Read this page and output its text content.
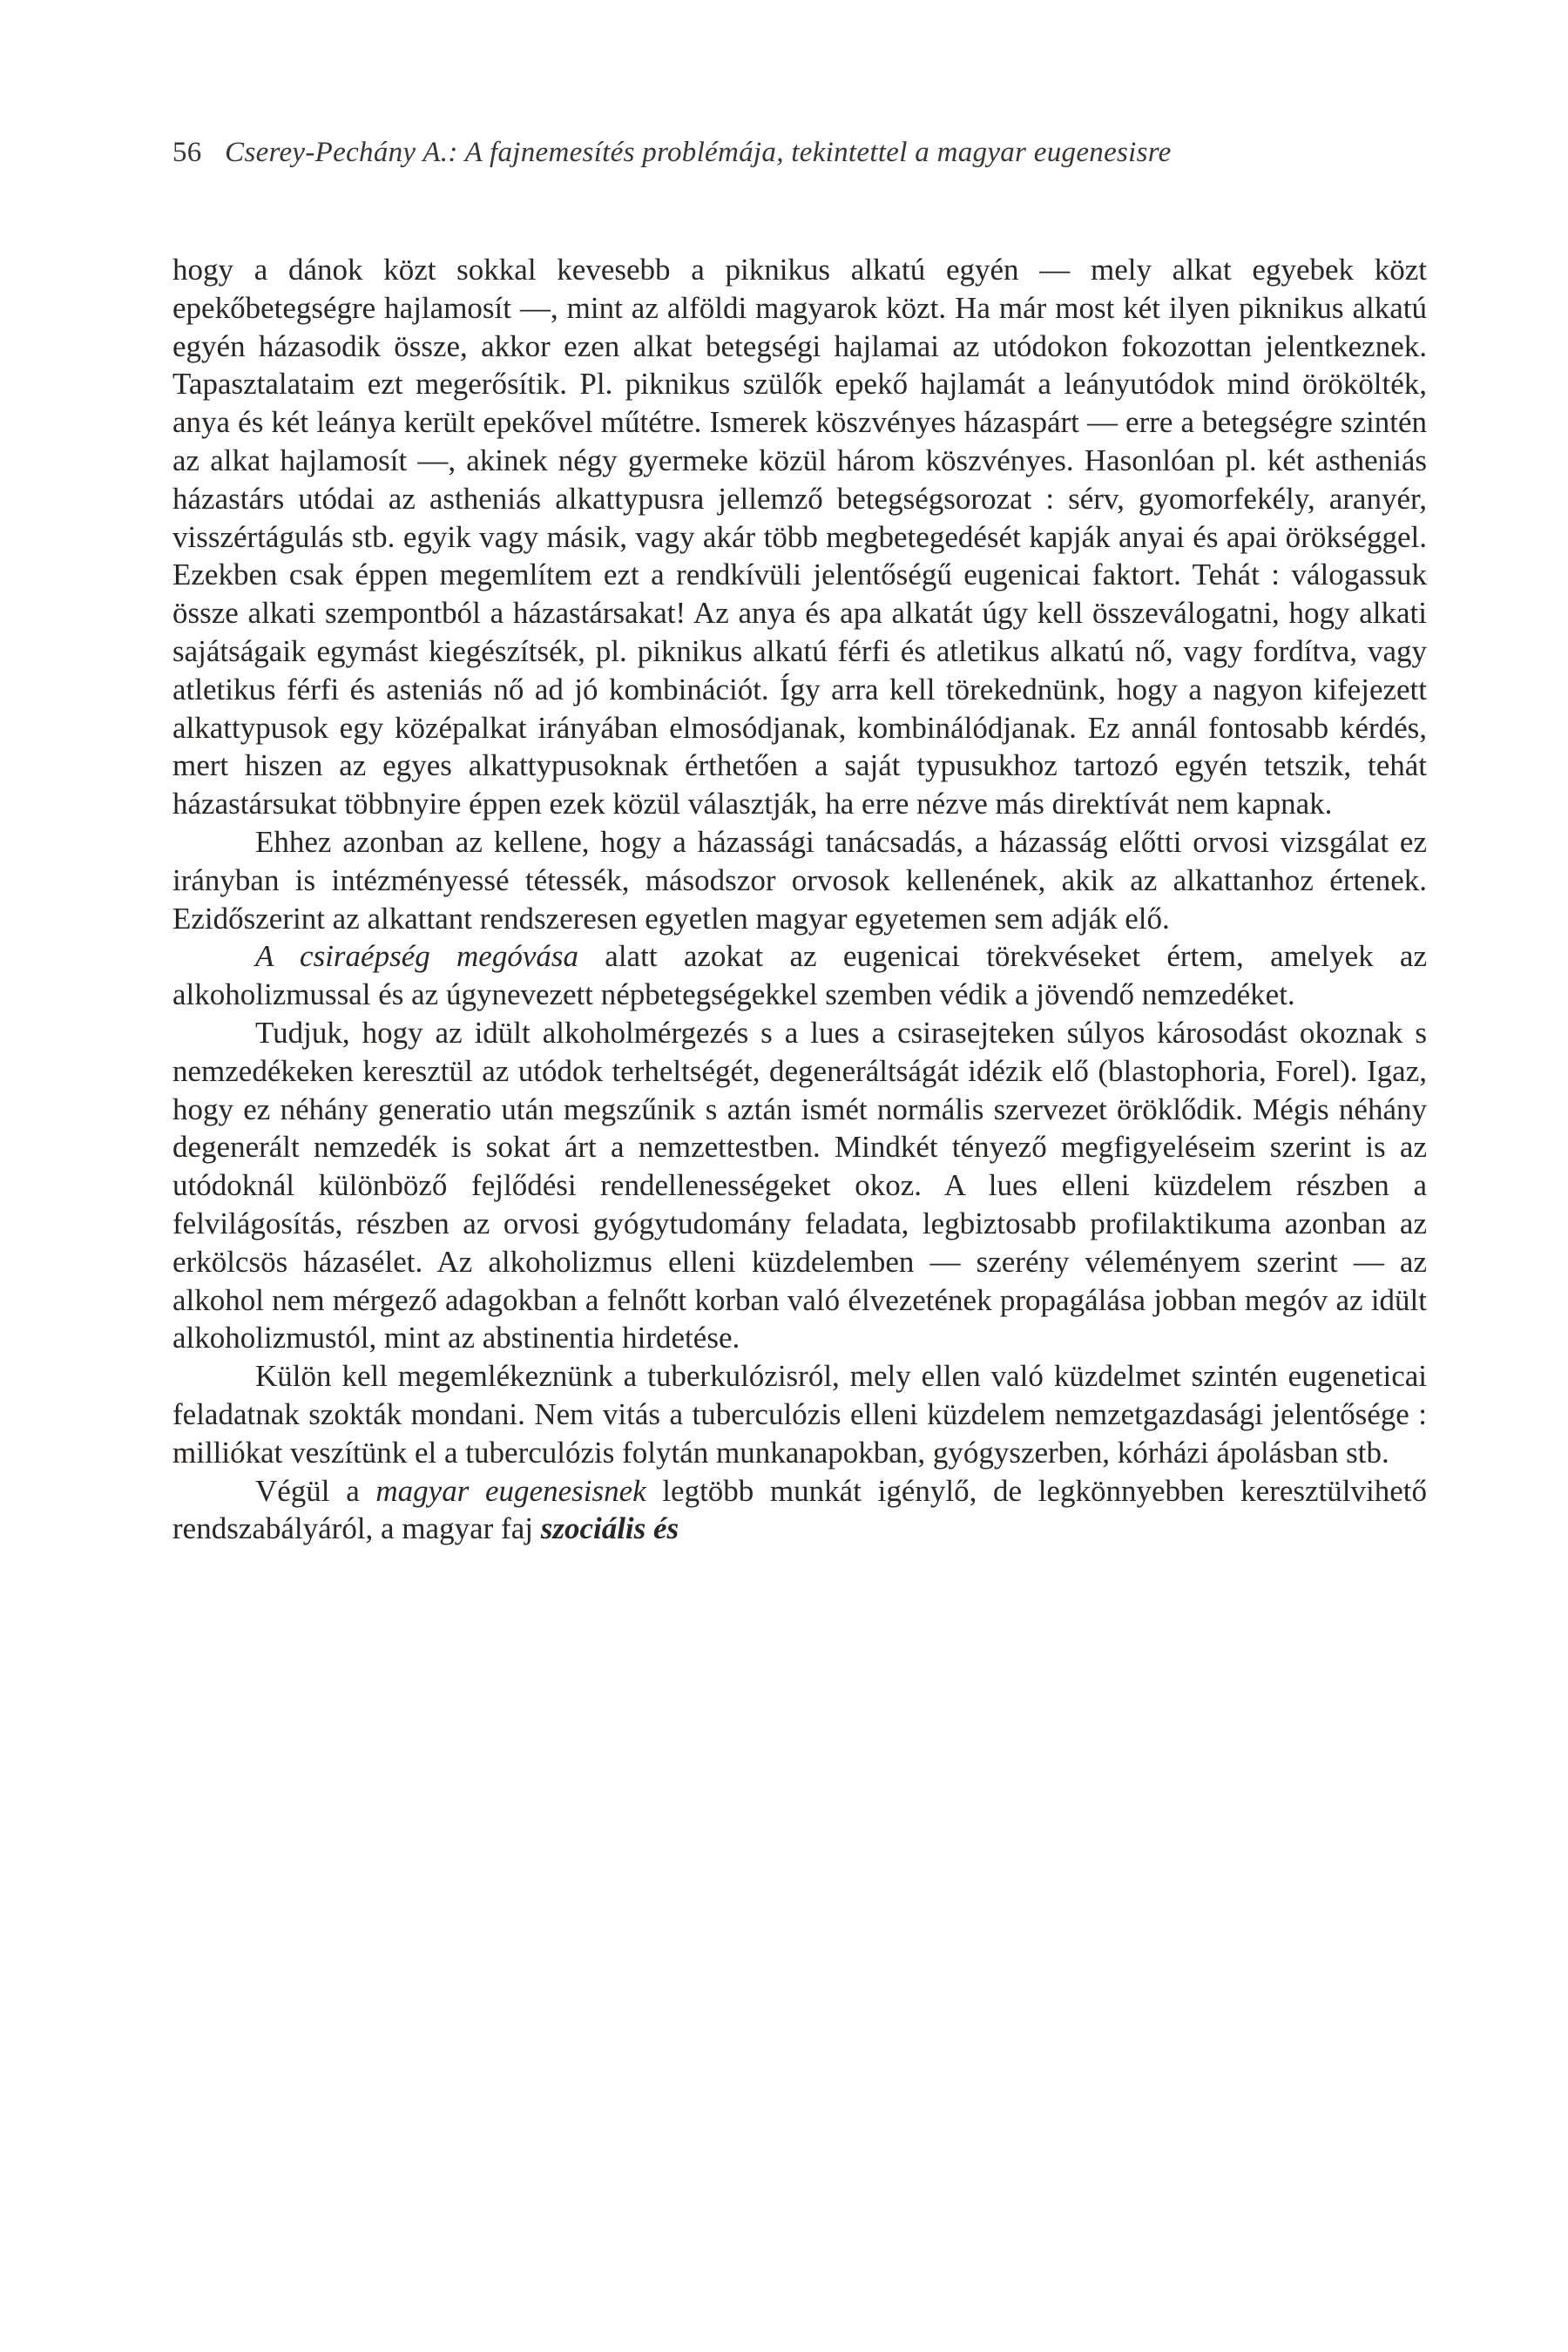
56 Cserey-Pechány A.: A fajnemesítés problémája, tekintettel a magyar eugenesisre

hogy a dánok közt sokkal kevesebb a piknikus alkatú egyén — mely alkat egyebek közt epekőbetegségre hajlamosít —, mint az alföldi magyarok közt. Ha már most két ilyen piknikus alkatú egyén házasodik össze, akkor ezen alkat betegségi hajlamai az utódokon fokozottan jelentkeznek. Tapasztalataim ezt megerősítik. Pl. piknikus szülők epekő hajlamát a leányutódok mind örökölték, anya és két leánya került epekővel műtétre. Ismerek köszvényes házaspárt — erre a betegségre szintén az alkat hajlamosít —, akinek négy gyermeke közül három köszvényes. Hasonlóan pl. két astheniás házastárs utódai az astheniás alkattypusra jellemző betegségsorozat : sérv, gyomorfekély, aranyér, visszértágulás stb. egyik vagy másik, vagy akár több megbetegedését kapják anyai és apai örökséggel. Ezekben csak éppen megemlítem ezt a rendkívüli jelentőségű eugenicai faktort. Tehát : válogassuk össze alkati szempontból a házastársakat! Az anya és apa alkatát úgy kell összeválogatni, hogy alkati sajátságaik egymást kiegészítsék, pl. piknikus alkatú férfi és atletikus alkatú nő, vagy fordítva, vagy atletikus férfi és asteniás nő ad jó kombinációt. Így arra kell törekednünk, hogy a nagyon kifejezett alkattypusok egy középalkat irányában elmosódjanak, kombinálódjanak. Ez annál fontosabb kérdés, mert hiszen az egyes alkattypusoknak érthetően a saját typusukhoz tartozó egyén tetszik, tehát házastársukat többnyire éppen ezek közül választják, ha erre nézve más direktívát nem kapnak.

Ehhez azonban az kellene, hogy a házassági tanácsadás, a házasság előtti orvosi vizsgálat ez irányban is intézményessé tétessék, másodszor orvosok kellenének, akik az alkattanhoz értenek. Ezidőszerint az alkattant rendszeresen egyetlen magyar egyetemen sem adják elő.

A csiraépség megóvása alatt azokat az eugenicai törekvéseket értem, amelyek az alkoholizmussal és az úgynevezett népbetegségekkel szemben védik a jövendő nemzedéket.

Tudjuk, hogy az idült alkoholmérgezés s a lues a csirasejteken súlyos károsodást okoznak s nemzedékeken keresztül az utódok terheltségét, degeneráltságát idézik elő (blastophoria, Forel). Igaz, hogy ez néhány generatio után megszűnik s aztán ismét normális szervezet öröklődik. Mégis néhány degenerált nemzedék is sokat árt a nemzettestben. Mindkét tényező megfigyeléseim szerint is az utódoknál különböző fejlődési rendellenességeket okoz. A lues elleni küzdelem részben a felvilágosítás, részben az orvosi gyógytudomány feladata, legbiztosabb profilaktikuma azonban az erkölcsös házasélet. Az alkoholizmus elleni küzdelemben — szerény véleményem szerint — az alkohol nem mérgező adagokban a felnőtt korban való élvezetének propagálása jobban megóv az idült alkoholizmustól, mint az abstinentia hirdetése.

Külön kell megemlékeznünk a tuberkulózisról, mely ellen való küzdelmet szintén eugeneticai feladatnak szokták mondani. Nem vitás a tuberculózis elleni küzdelem nemzetgazdasági jelentősége : milliókat veszítünk el a tuberculózis folytán munkanapokban, gyógyszerben, kórházi ápolásban stb.

Végül a magyar eugenesisnek legtöbb munkát igénylő, de legkönnyebben keresztülvihető rendszabályáról, a magyar faj szociális és
